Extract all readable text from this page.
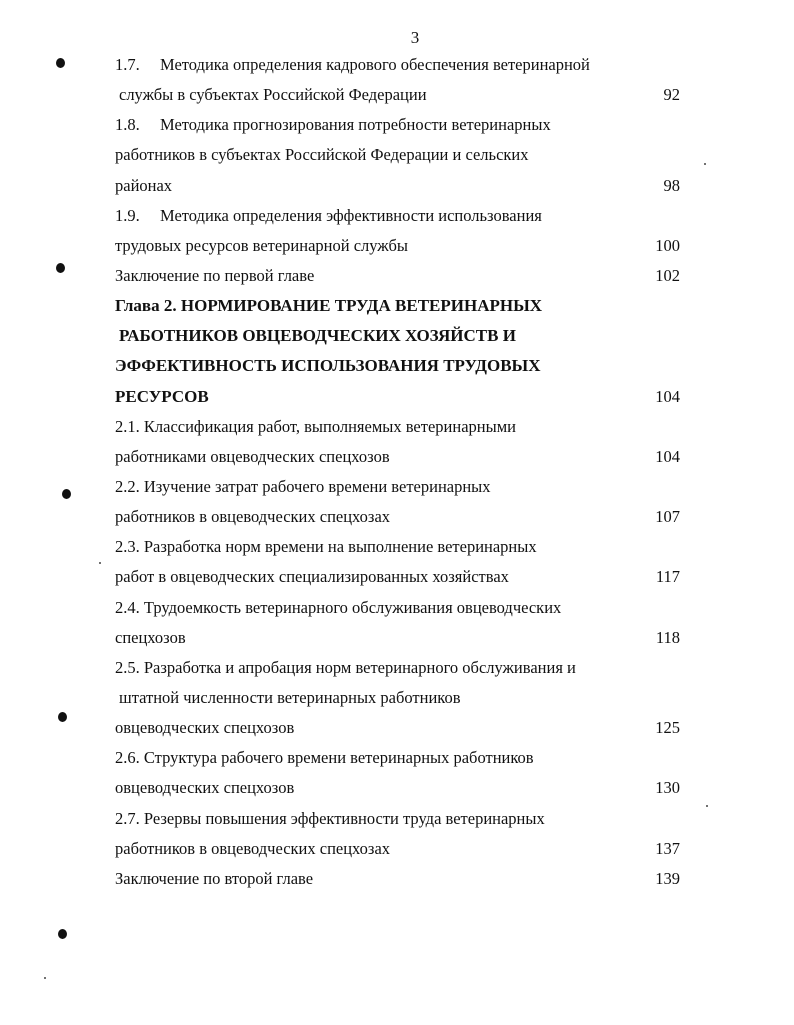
3
1.7. Методика определения кадрового обеспечения ветеринарной
службы в субъектах Российской Федерации	92
1.8. Методика прогнозирования потребности ветеринарных
работников в субъектах Российской Федерации и сельских
районах	98
1.9. Методика определения эффективности использования
трудовых ресурсов ветеринарной службы	100
Заключение по первой главе	102
Глава 2. НОРМИРОВАНИЕ ТРУДА ВЕТЕРИНАРНЫХ
РАБОТНИКОВ ОВЦЕВОДЧЕСКИХ ХОЗЯЙСТВ И
ЭФФЕКТИВНОСТЬ ИСПОЛЬЗОВАНИЯ ТРУДОВЫХ
РЕСУРСОВ	104
2.1. Классификация работ, выполняемых ветеринарными
работниками овцеводческих спецхозов	104
2.2. Изучение затрат рабочего времени ветеринарных
работников в овцеводческих спецхозах	107
2.3. Разработка норм времени на выполнение ветеринарных
работ в овцеводческих специализированных хозяйствах	117
2.4. Трудоемкость ветеринарного обслуживания овцеводческих
спецхозов	118
2.5. Разработка и апробация норм ветеринарного обслуживания и
штатной численности ветеринарных работников
овцеводческих спецхозов	125
2.6. Структура рабочего времени ветеринарных работников
овцеводческих спецхозов	130
2.7. Резервы повышения эффективности труда ветеринарных
работников в овцеводческих спецхозах	137
Заключение по второй главе	139
